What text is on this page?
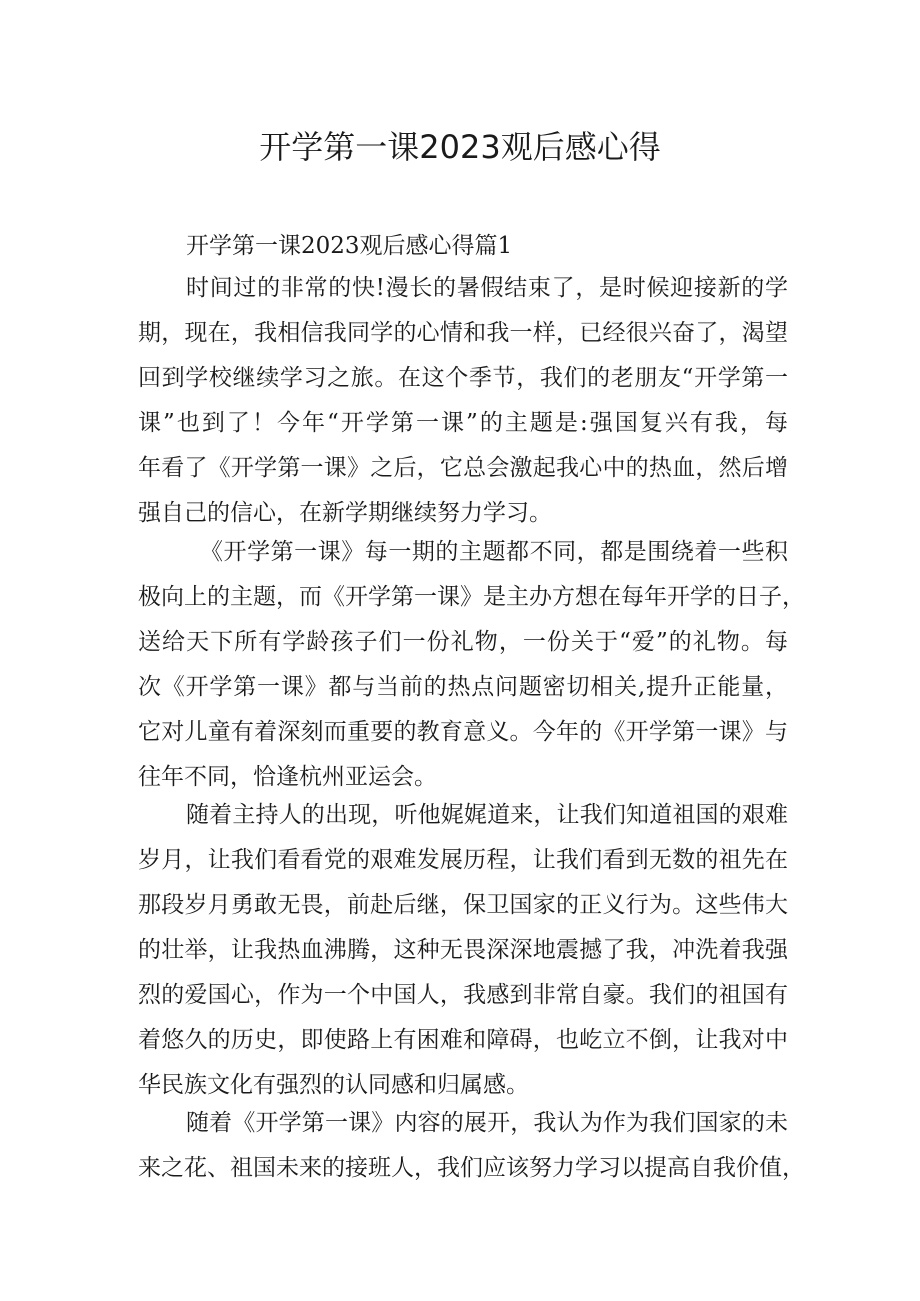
开学第一课2023观后感心得
开学第一课2023观后感心得篇1
时间过的非常的快!漫长的暑假结束了，是时候迎接新的学
期，现在，我相信我同学的心情和我一样，已经很兴奋了，渴望
回到学校继续学习之旅。在这个季节，我们的老朋友“开学第一
课”也到了！今年“开学第一课”的主题是:强国复兴有我，每
年看了《开学第一课》之后，它总会激起我心中的热血，然后增
强自己的信心，在新学期继续努力学习。
《开学第一课》每一期的主题都不同，都是围绕着一些积
极向上的主题，而《开学第一课》是主办方想在每年开学的日子，
送给天下所有学龄孩子们一份礼物，一份关于“爱”的礼物。每
次《开学第一课》都与当前的热点问题密切相关,提升正能量，
它对儿童有着深刻而重要的教育意义。今年的《开学第一课》与
往年不同，恰逢杭州亚运会。
随着主持人的出现，听他娓娓道来，让我们知道祖国的艰难
岁月，让我们看看党的艰难发展历程，让我们看到无数的祖先在
那段岁月勇敢无畏，前赴后继，保卫国家的正义行为。这些伟大
的壮举，让我热血沸腾，这种无畏深深地震撼了我，冲洗着我强
烈的爱国心，作为一个中国人，我感到非常自豪。我们的祖国有
着悠久的历史，即使路上有困难和障碍，也屹立不倒，让我对中
华民族文化有强烈的认同感和归属感。
随着《开学第一课》内容的展开，我认为作为我们国家的未
来之花、祖国未来的接班人，我们应该努力学习以提高自我价值，
